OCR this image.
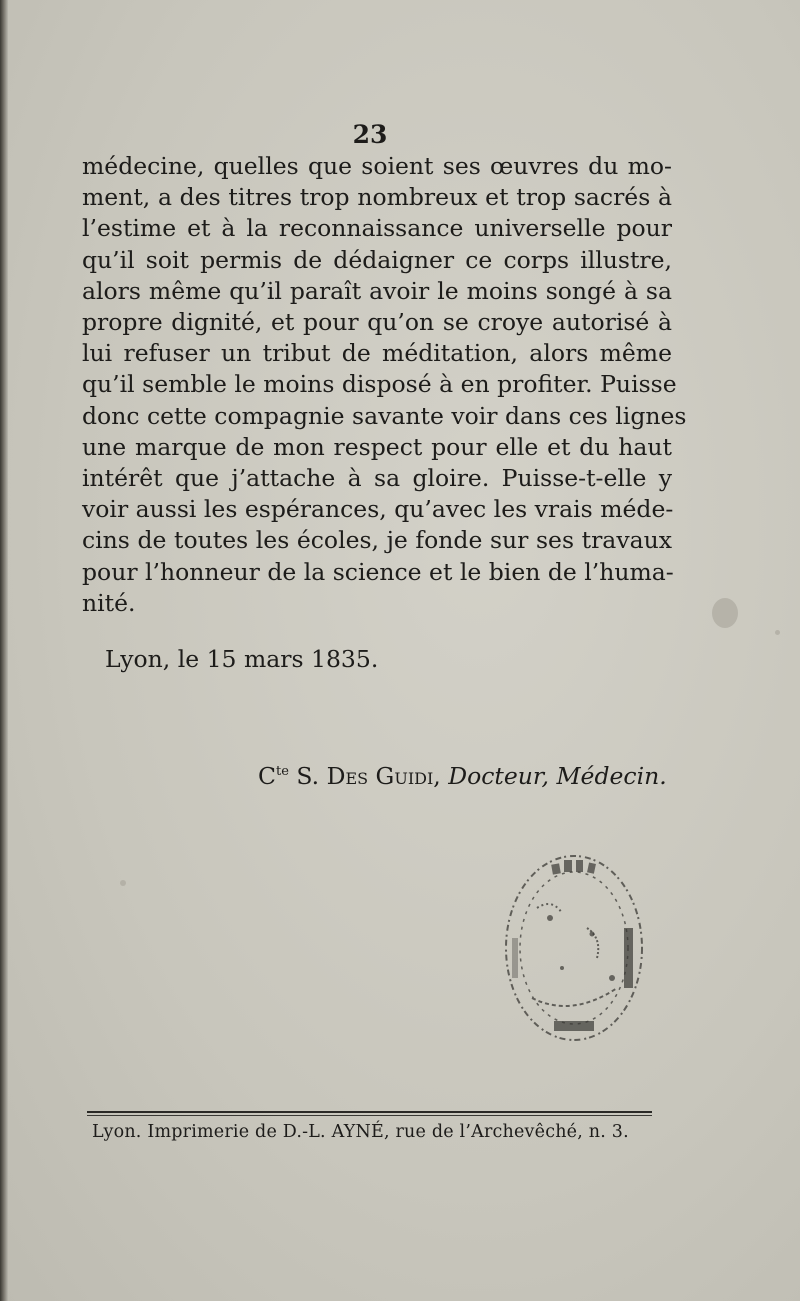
23

médecine, quelles que soient ses œuvres du mo-
ment, a des titres trop nombreux et trop sacrés à
l’estime et à la reconnaissance universelle pour
qu’il soit permis de dédaigner ce corps illustre,
alors même qu’il paraît avoir le moins songé à sa
propre dignité, et pour qu’on se croye autorisé à
lui refuser un tribut de méditation, alors même
qu’il semble le moins disposé à en profiter. Puisse
donc cette compagnie savante voir dans ces lignes
une marque de mon respect pour elle et du haut
intérêt que j’attache à sa gloire. Puisse-t-elle y
voir aussi les espérances, qu’avec les vrais méde-
cins de toutes les écoles, je fonde sur ses travaux
pour l’honneur de la science et le bien de l’huma-
nité.

Lyon, le 15 mars 1835.
$C^{te}$ S. Des Guidi, Docteur, Médecin.
Lyon. Imprimerie de D.-L. AYNÉ, rue de l’Archevêché, n. 3.
